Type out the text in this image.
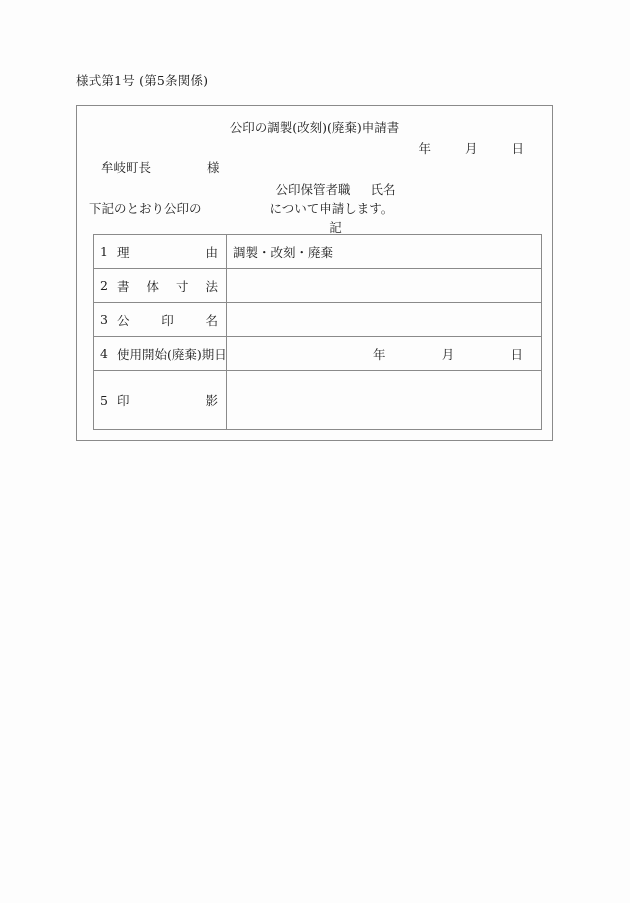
様式第1号 (第5条関係)
公印の調製(改刻)(廃棄)申請書
年	月	日
牟岐町長	様
公印保管者職 氏名
下記のとおり公印の	について申請します。
記
1 理 由	調製・改刻・廃棄

2 書 体 寸 法	

3 公 印 名	

4 使用開始(廃棄)期日	年 月 日

5 印 影	
